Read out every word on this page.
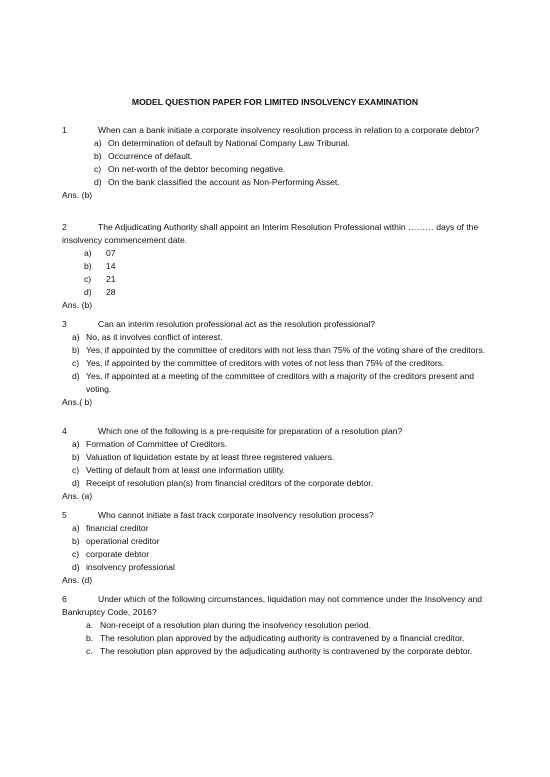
MODEL QUESTION PAPER FOR LIMITED INSOLVENCY EXAMINATION
1	When can a bank initiate a corporate insolvency resolution process in relation to a corporate debtor?
a) On determination of default by National Company Law Tribunal.
b) Occurrence of default.
c) On net-worth of the debtor becoming negative.
d) On the bank classified the account as Non-Performing Asset.
Ans. (b)
2	The Adjudicating Authority shall appoint an Interim Resolution Professional within ……… days of the insolvency commencement date.
a) 07
b) 14
c) 21
d) 28
Ans. (b)
3	Can an interim resolution professional act as the resolution professional?
a) No, as it involves conflict of interest.
b) Yes, if appointed by the committee of creditors with not less than 75% of the voting share of the creditors.
c) Yes, if appointed by the committee of creditors with votes of not less than 75% of the creditors.
d) Yes, if appointed at a meeting of the committee of creditors with a majority of the creditors present and voting.
Ans.( b)
4	Which one of the following is a pre-requisite for preparation of a resolution plan?
a) Formation of Committee of Creditors.
b) Valuation of liquidation estate by at least three registered valuers.
c) Vetting of default from at least one information utility.
d) Receipt of resolution plan(s) from financial creditors of the corporate debtor.
Ans. (a)
5	Who cannot initiate a fast track corporate insolvency resolution process?
a) financial creditor
b) operational creditor
c) corporate debtor
d) insolvency professional
Ans. (d)
6	Under which of the following circumstances, liquidation may not commence under the Insolvency and Bankruptcy Code, 2016?
a. Non-receipt of a resolution plan during the insolvency resolution period.
b. The resolution plan approved by the adjudicating authority is contravened by a financial creditor.
c. The resolution plan approved by the adjudicating authority is contravened by the corporate debtor.
